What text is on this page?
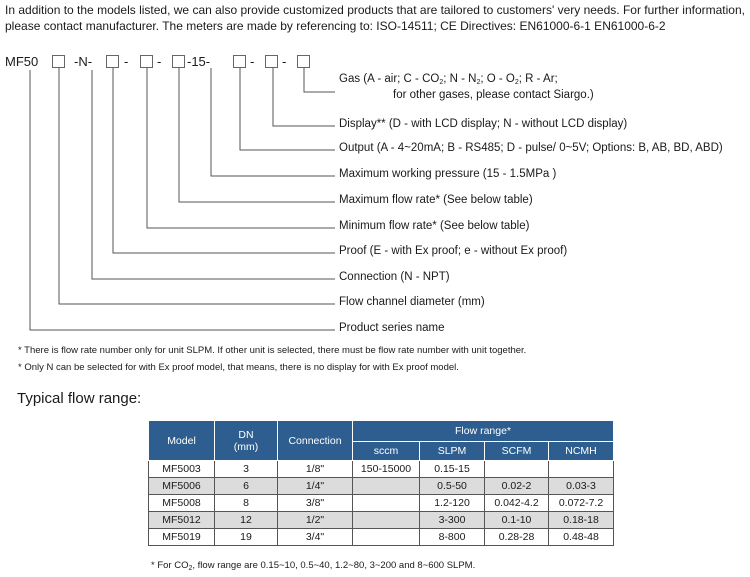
In addition to the models listed, we can also provide customized products that are tailored to customers' very needs. For further information,
please contact manufacturer. The meters are made by referencing to: ISO-14511; CE Directives: EN61000-6-1 EN61000-6-2
MF50	-N- - - -15-	- -
Gas (A - air; C - $CO_2$; N - $N_2$; O - $O_2$; R - Ar;
for other gases, please contact Siargo.)
Display** (D - with LCD display; N - without LCD display)
Output (A - 4~20mA; B - RS485; D - pulse/ 0~5V; Options: B, AB, BD, ABD)
Maximum working pressure (15 - 1.5MPa )
Maximum flow rate* (See below table)
Minimum flow rate* (See below table)
Proof (E - with Ex proof; e - without Ex proof)
Connection (N - NPT)
Flow channel diameter (mm)
Product series name
* There is flow rate number only for unit SLPM. If other unit is selected, there must be flow rate number with unit together.
* Only N can be selected for with Ex proof model, that means, there is no display for with Ex proof model.
Typical flow range:
Model	DN
(mm)	Connection	Flow range*			
			sccm	SLPM	SCFM	NCMH
MF5003	3	1/8"	150-15000	0.15-15		
MF5006	6	1/4"		0.5-50	0.02-2	0.03-3
MF5008	8	3/8"		1.2-120	0.042-4.2	0.072-7.2
MF5012	12	1/2"		3-300	0.1-10	0.18-18
MF5019	19	3/4"		8-800	0.28-28	0.48-48
* For $CO_2$, flow range are 0.15~10, 0.5~40, 1.2~80, 3~200 and 8~600 SLPM.
